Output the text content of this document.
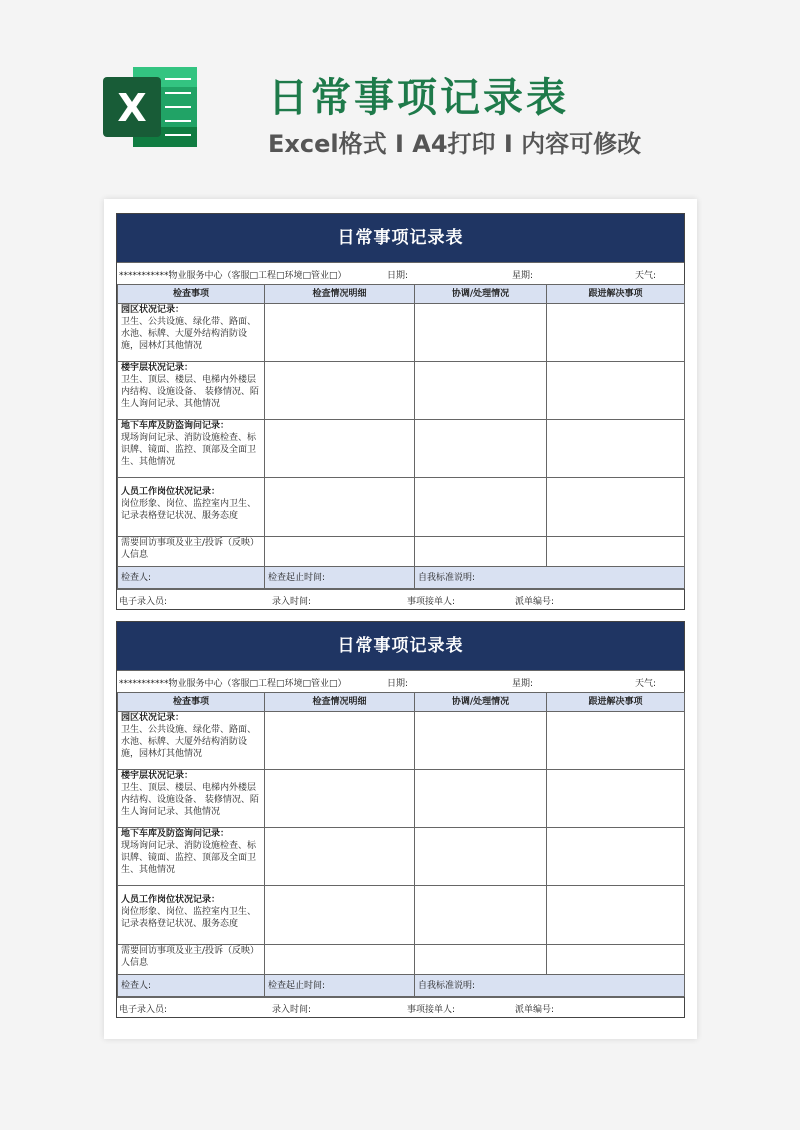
X	日常事项记录表
Excel格式 I A4打印 I 内容可修改
日常事项记录表
***********物业服务中心（客服□工程□环境□管业□）	日期:	星期:	天气:
检查事项	检查情况明细	协调/处理情况	跟进解决事项

园区状况记录：
卫生、公共设施、绿化带、路面、水池、标牌、大厦外结构消防设施，园林灯其他情况			

楼宇层状况记录：
卫生、顶层、楼层、电梯内外楼层内结构、设施设备、 装修情况、陌生人询问记录、其他情况			

地下车库及防盗询问记录：
现场询问记录、消防设施检查、标识牌、镜面、监控、顶部及全面卫生、其他情况			

人员工作岗位状况记录：
岗位形象、岗位、监控室内卫生、记录表格登记状况、服务态度			
需要回访事项及业主/投诉（反映）人信息			
检查人:	检查起止时间:	自我标准说明:	
电子录入员:	录入时间:	事项接单人:	派单编号:
日常事项记录表
***********物业服务中心（客服□工程□环境□管业□）	日期:	星期:	天气:
检查事项	检查情况明细	协调/处理情况	跟进解决事项

园区状况记录：
卫生、公共设施、绿化带、路面、水池、标牌、大厦外结构消防设施，园林灯其他情况			

楼宇层状况记录：
卫生、顶层、楼层、电梯内外楼层内结构、设施设备、 装修情况、陌生人询问记录、其他情况			

地下车库及防盗询问记录：
现场询问记录、消防设施检查、标识牌、镜面、监控、顶部及全面卫生、其他情况			

人员工作岗位状况记录：
岗位形象、岗位、监控室内卫生、记录表格登记状况、服务态度			
需要回访事项及业主/投诉（反映）人信息			
检查人:	检查起止时间:	自我标准说明:	
电子录入员:	录入时间:	事项接单人:	派单编号:
